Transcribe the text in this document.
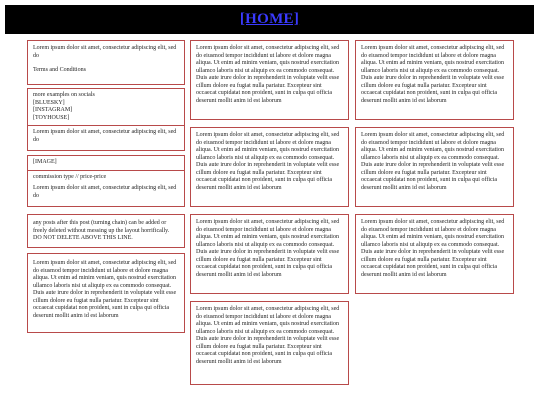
[HOME]

Lorem ipsum dolor sit amet, consectetur adipiscing elit, sed do

Terms and Conditions

more examples on socials

[BLUESKY]
[INSTAGRAM]
[TOYHOUSE]

Lorem ipsum dolor sit amet, consectetur adipiscing elit, sed do

[IMAGE]

commission type // price-price

Lorem ipsum dolor sit amet, consectetur adipiscing elit, sed do

any posts after this post (turning chain) can be added or freely deleted without messing up the layout horrifically. DO NOT DELETE ABOVE THIS LINE.

Lorem ipsum dolor sit amet, consectetur adipiscing elit, sed do eiusmod tempor incididunt ut labore et dolore magna aliqua. Ut enim ad minim veniam, quis nostrud exercitation ullamco laboris nisi ut aliquip ex ea commodo consequat. Duis aute irure dolor in reprehenderit in voluptate velit esse cillum dolore eu fugiat nulla pariatur. Excepteur sint occaecat cupidatat non proident, sunt in culpa qui officia deserunt mollit anim id est laborum

Lorem ipsum dolor sit amet, consectetur adipiscing elit, sed do eiusmod tempor incididunt ut labore et dolore magna aliqua. Ut enim ad minim veniam, quis nostrud exercitation ullamco laboris nisi ut aliquip ex ea commodo consequat. Duis aute irure dolor in reprehenderit in voluptate velit esse cillum dolore eu fugiat nulla pariatur. Excepteur sint occaecat cupidatat non proident, sunt in culpa qui officia deserunt mollit anim id est laborum

Lorem ipsum dolor sit amet, consectetur adipiscing elit, sed do eiusmod tempor incididunt ut labore et dolore magna aliqua. Ut enim ad minim veniam, quis nostrud exercitation ullamco laboris nisi ut aliquip ex ea commodo consequat. Duis aute irure dolor in reprehenderit in voluptate velit esse cillum dolore eu fugiat nulla pariatur. Excepteur sint occaecat cupidatat non proident, sunt in culpa qui officia deserunt mollit anim id est laborum

Lorem ipsum dolor sit amet, consectetur adipiscing elit, sed do eiusmod tempor incididunt ut labore et dolore magna aliqua. Ut enim ad minim veniam, quis nostrud exercitation ullamco laboris nisi ut aliquip ex ea commodo consequat. Duis aute irure dolor in reprehenderit in voluptate velit esse cillum dolore eu fugiat nulla pariatur. Excepteur sint occaecat cupidatat non proident, sunt in culpa qui officia deserunt mollit anim id est laborum

Lorem ipsum dolor sit amet, consectetur adipiscing elit, sed do eiusmod tempor incididunt ut labore et dolore magna aliqua. Ut enim ad minim veniam, quis nostrud exercitation ullamco laboris nisi ut aliquip ex ea commodo consequat. Duis aute irure dolor in reprehenderit in voluptate velit esse cillum dolore eu fugiat nulla pariatur. Excepteur sint occaecat cupidatat non proident, sunt in culpa qui officia deserunt mollit anim id est laborum

Lorem ipsum dolor sit amet, consectetur adipiscing elit, sed do eiusmod tempor incididunt ut labore et dolore magna aliqua. Ut enim ad minim veniam, quis nostrud exercitation ullamco laboris nisi ut aliquip ex ea commodo consequat. Duis aute irure dolor in reprehenderit in voluptate velit esse cillum dolore eu fugiat nulla pariatur. Excepteur sint occaecat cupidatat non proident, sunt in culpa qui officia deserunt mollit anim id est laborum

Lorem ipsum dolor sit amet, consectetur adipiscing elit, sed do eiusmod tempor incididunt ut labore et dolore magna aliqua. Ut enim ad minim veniam, quis nostrud exercitation ullamco laboris nisi ut aliquip ex ea commodo consequat. Duis aute irure dolor in reprehenderit in voluptate velit esse cillum dolore eu fugiat nulla pariatur. Excepteur sint occaecat cupidatat non proident, sunt in culpa qui officia deserunt mollit anim id est laborum

Lorem ipsum dolor sit amet, consectetur adipiscing elit, sed do eiusmod tempor incididunt ut labore et dolore magna aliqua. Ut enim ad minim veniam, quis nostrud exercitation ullamco laboris nisi ut aliquip ex ea commodo consequat. Duis aute irure dolor in reprehenderit in voluptate velit esse cillum dolore eu fugiat nulla pariatur. Excepteur sint occaecat cupidatat non proident, sunt in culpa qui officia deserunt mollit anim id est laborum
